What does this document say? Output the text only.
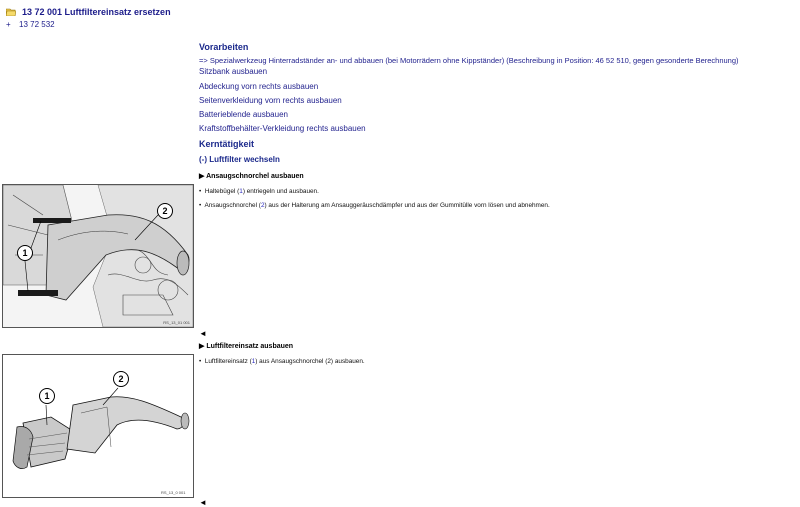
13 72 001 Luftfiltereinsatz ersetzen
+	13 72 532
Vorarbeiten
=> Spezialwerkzeug Hinterradständer an- und abbauen (bei Motorrädern ohne Kippständer) (Beschreibung in Position: 46 52 510, gegen gesonderte Berechnung)
Sitzbank ausbauen
Abdeckung vorn rechts ausbauen
Seitenverkleidung vorn rechts ausbauen
Batterieblende ausbauen
Kraftstoffbehälter-Verkleidung rechts ausbauen
Kerntätigkeit
(-) Luftfilter wechseln
▶ Ansaugschnorchel ausbauen
• Haltebügel (1) entriegeln und ausbauen.
• Ansaugschnorchel (2) aus der Halterung am Ansauggeräuschdämpfer und aus der Gummitülle vorn lösen und abnehmen.
1
2
RS_13_01 001
◄
▶ Luftfiltereinsatz ausbauen
• Luftfiltereinsatz (1) aus Ansaugschnorchel (2) ausbauen.
1
2
RS_13_0 001
◄
